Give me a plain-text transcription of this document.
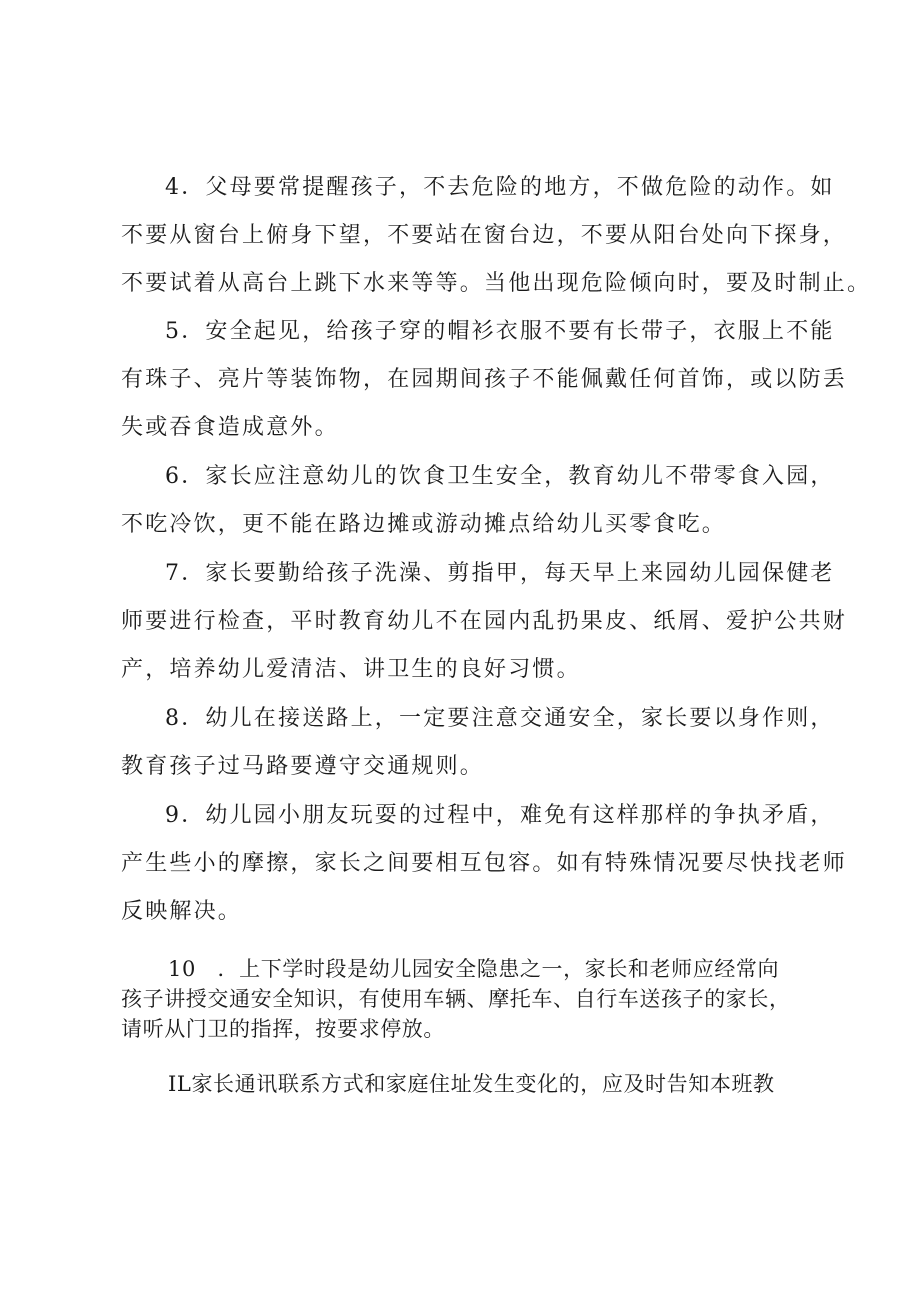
4．父母要常提醒孩子，不去危险的地方，不做危险的动作。如
不要从窗台上俯身下望，不要站在窗台边，不要从阳台处向下探身，
不要试着从高台上跳下水来等等。当他出现危险倾向时，要及时制止。
5．安全起见，给孩子穿的帽衫衣服不要有长带子，衣服上不能
有珠子、亮片等装饰物，在园期间孩子不能佩戴任何首饰，或以防丢
失或吞食造成意外。
6．家长应注意幼儿的饮食卫生安全，教育幼儿不带零食入园，
不吃冷饮，更不能在路边摊或游动摊点给幼儿买零食吃。
7．家长要勤给孩子洗澡、剪指甲，每天早上来园幼儿园保健老
师要进行检查，平时教育幼儿不在园内乱扔果皮、纸屑、爱护公共财
产，培养幼儿爱清洁、讲卫生的良好习惯。
8．幼儿在接送路上，一定要注意交通安全，家长要以身作则，
教育孩子过马路要遵守交通规则。
9．幼儿园小朋友玩耍的过程中，难免有这样那样的争执矛盾，
产生些小的摩擦，家长之间要相互包容。如有特殊情况要尽快找老师
反映解决。
10　．上下学时段是幼儿园安全隐患之一，家长和老师应经常向
孩子讲授交通安全知识，有使用车辆、摩托车、自行车送孩子的家长，
请听从门卫的指挥，按要求停放。
IL家长通讯联系方式和家庭住址发生变化的，应及时告知本班教
